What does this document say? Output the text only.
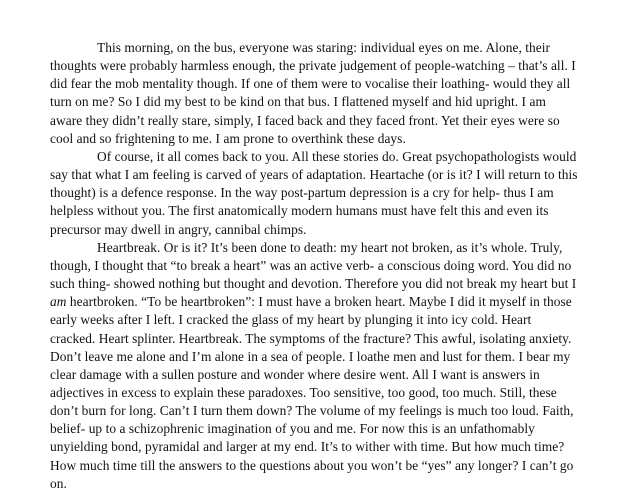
This morning, on the bus, everyone was staring: individual eyes on me. Alone, their thoughts were probably harmless enough, the private judgement of people-watching – that’s all. I did fear the mob mentality though. If one of them were to vocalise their loathing- would they all turn on me? So I did my best to be kind on that bus. I flattened myself and hid upright. I am aware they didn’t really stare, simply, I faced back and they faced front. Yet their eyes were so cool and so frightening to me. I am prone to overthink these days.

Of course, it all comes back to you. All these stories do. Great psychopathologists would say that what I am feeling is carved of years of adaptation. Heartache (or is it? I will return to this thought) is a defence response. In the way post-partum depression is a cry for help- thus I am helpless without you. The first anatomically modern humans must have felt this and even its precursor may dwell in angry, cannibal chimps.

Heartbreak. Or is it? It’s been done to death: my heart not broken, as it’s whole. Truly, though, I thought that “to break a heart” was an active verb- a conscious doing word. You did no such thing- showed nothing but thought and devotion. Therefore you did not break my heart but I am heartbroken. “To be heartbroken”: I must have a broken heart. Maybe I did it myself in those early weeks after I left. I cracked the glass of my heart by plunging it into icy cold. Heart cracked. Heart splinter. Heartbreak. The symptoms of the fracture? This awful, isolating anxiety. Don’t leave me alone and I’m alone in a sea of people. I loathe men and lust for them. I bear my clear damage with a sullen posture and wonder where desire went. All I want is answers in adjectives in excess to explain these paradoxes. Too sensitive, too good, too much. Still, these don’t burn for long. Can’t I turn them down? The volume of my feelings is much too loud. Faith, belief- up to a schizophrenic imagination of you and me. For now this is an unfathomably unyielding bond, pyramidal and larger at my end. It’s to wither with time. But how much time? How much time till the answers to the questions about you won’t be “yes” any longer? I can’t go on.
